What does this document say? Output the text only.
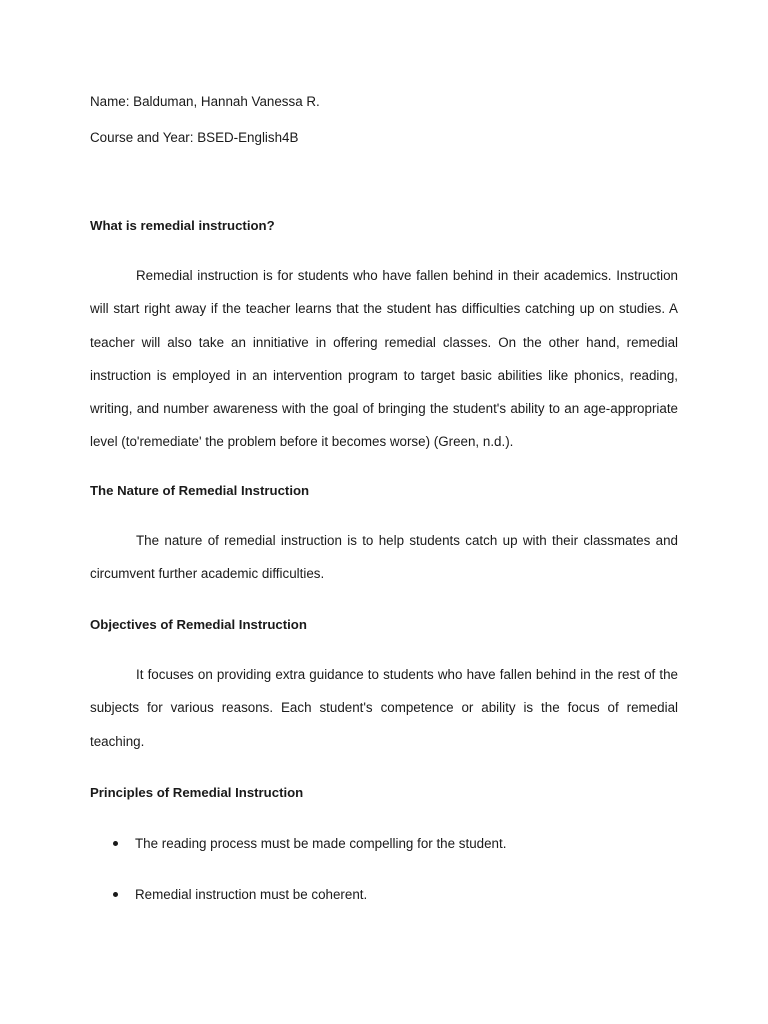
Name: Balduman, Hannah Vanessa R.
Course and Year: BSED-English4B
What is remedial instruction?
Remedial instruction is for students who have fallen behind in their academics. Instruction will start right away if the teacher learns that the student has difficulties catching up on studies. A teacher will also take an innitiative in offering remedial classes. On the other hand, remedial instruction is employed in an intervention program to target basic abilities like phonics, reading, writing, and number awareness with the goal of bringing the student's ability to an age-appropriate level (to'remediate' the problem before it becomes worse) (Green, n.d.).
The Nature of Remedial Instruction
The nature of remedial instruction is to help students catch up with their classmates and circumvent further academic difficulties.
Objectives of Remedial Instruction
It focuses on providing extra guidance to students who have fallen behind in the rest of the subjects for various reasons. Each student's competence or ability is the focus of remedial teaching.
Principles of Remedial Instruction
The reading process must be made compelling for the student.
Remedial instruction must be coherent.
